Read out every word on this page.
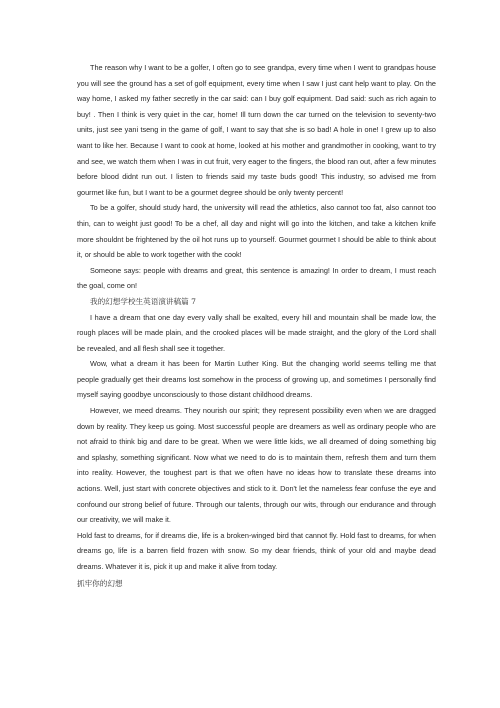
The reason why I want to be a golfer, I often go to see grandpa, every time when I went to grandpas house you will see the ground has a set of golf equipment, every time when I saw I just cant help want to play. On the way home, I asked my father secretly in the car said: can I buy golf equipment. Dad said: such as rich again to buy! . Then I think is very quiet in the car, home! Ill turn down the car turned on the television to seventy-two units, just see yani tseng in the game of golf, I want to say that she is so bad! A hole in one! I grew up to also want to like her. Because I want to cook at home, looked at his mother and grandmother in cooking, want to try and see, we watch them when I was in cut fruit, very eager to the fingers, the blood ran out, after a few minutes before blood didnt run out. I listen to friends said my taste buds good! This industry, so advised me from gourmet like fun, but I want to be a gourmet degree should be only twenty percent!

To be a golfer, should study hard, the university will read the athletics, also cannot too fat, also cannot too thin, can to weight just good! To be a chef, all day and night will go into the kitchen, and take a kitchen knife more shouldnt be frightened by the oil hot runs up to yourself. Gourmet gourmet I should be able to think about it, or should be able to work together with the cook!

Someone says: people with dreams and great, this sentence is amazing! In order to dream, I must reach the goal, come on!

我的幻想学校生英语演讲稿篇 7

I have a dream that one day every vally shall be exalted, every hill and mountain shall be made low, the rough places will be made plain, and the crooked places will be made straight, and the glory of the Lord shall be revealed, and all flesh shall see it together.

Wow, what a dream it has been for Martin Luther King. But the changing world seems telling me that people gradually get their dreams lost somehow in the process of growing up, and sometimes I personally find myself saying goodbye unconsciously to those distant childhood dreams.

However, we meed dreams. They nourish our spirit; they represent possibility even when we are dragged down by reality. They keep us going. Most successful people are dreamers as well as ordinary people who are not afraid to think big and dare to be great. When we were little kids, we all dreamed of doing something big and splashy, something significant. Now what we need to do is to maintain them, refresh them and turn them into reality. However, the toughest part is that we often have no ideas how to translate these dreams into actions. Well, just start with concrete objectives and stick to it. Don't let the nameless fear confuse the eye and confound our strong belief of future. Through our talents, through our wits, through our endurance and through our creativity, we will make it.

Hold fast to dreams, for if dreams die, life is a broken-winged bird that cannot fly. Hold fast to dreams, for when dreams go, life is a barren field frozen with snow. So my dear friends, think of your old and maybe dead dreams. Whatever it is, pick it up and make it alive from today.

抓牢你的幻想
